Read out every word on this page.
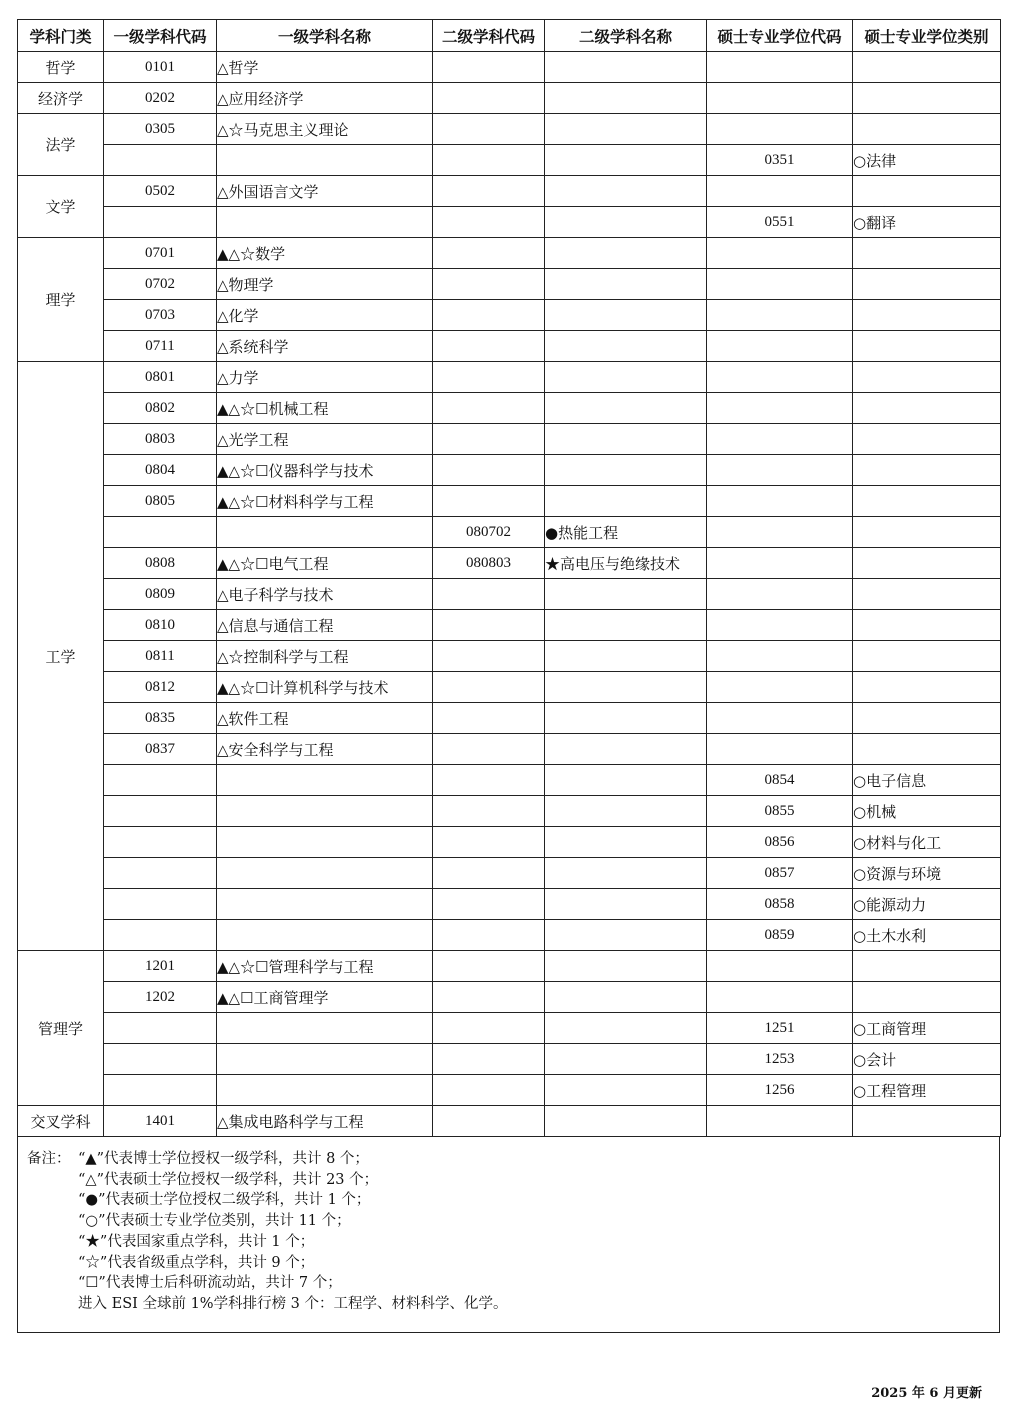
学科门类	一级学科代码	一级学科名称	二级学科代码	二级学科名称	硕士专业学位代码	硕士专业学位类别
哲学	0101	△哲学				
经济学	0202	△应用经济学				
法学	0305	△☆马克思主义理论				
					0351	○法律
文学	0502	△外国语言文学				
					0551	○翻译
理学	0701	▲△☆数学				
	0702	△物理学				
	0703	△化学				
	0711	△系统科学				
工学	0801	△力学				
	0802	▲△☆☐机械工程				
	0803	△光学工程				
	0804	▲△☆☐仪器科学与技术				
	0805	▲△☆☐材料科学与工程				
			080702	●热能工程		
	0808	▲△☆☐电气工程	080803	★高电压与绝缘技术		
	0809	△电子科学与技术				
	0810	△信息与通信工程				
	0811	△☆控制科学与工程				
	0812	▲△☆☐计算机科学与技术				
	0835	△软件工程				
	0837	△安全科学与工程				
					0854	○电子信息
					0855	○机械
					0856	○材料与化工
					0857	○资源与环境
					0858	○能源动力
					0859	○土木水利
管理学	1201	▲△☆☐管理科学与工程				
	1202	▲△☐工商管理学				
					1251	○工商管理
					1253	○会计
					1256	○工程管理
交叉学科	1401	△集成电路科学与工程				
备注： “▲”代表博士学位授权一级学科，共计 8 个；
“△”代表硕士学位授权一级学科，共计 23 个；
“●”代表硕士学位授权二级学科，共计 1 个；
“○”代表硕士专业学位类别，共计 11 个；
“★”代表国家重点学科，共计 1 个；
“☆”代表省级重点学科，共计 9 个；
“☐”代表博士后科研流动站，共计 7 个；
进入 ESI 全球前 1%学科排行榜 3 个：工程学、材料科学、化学。
2025 年 6 月更新
